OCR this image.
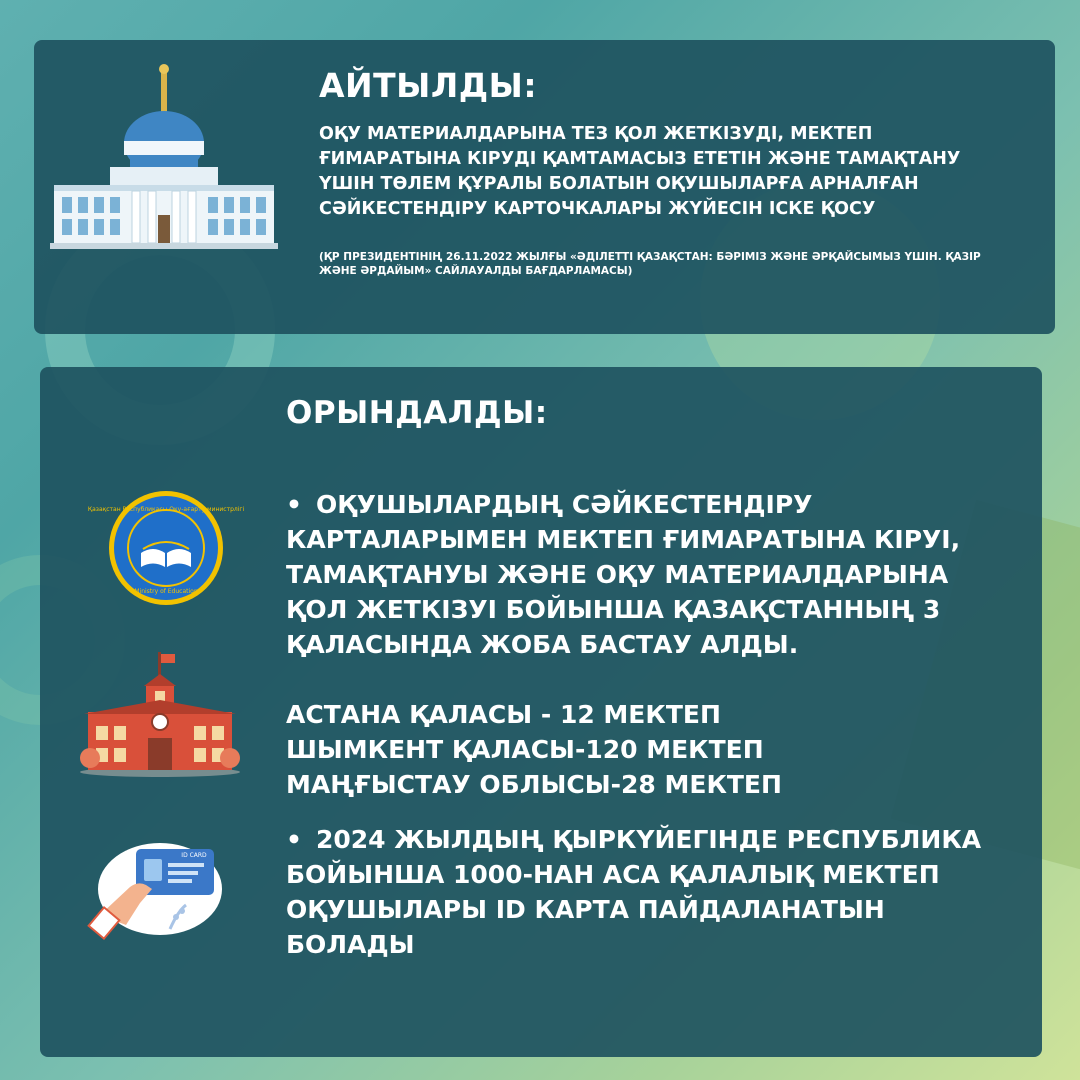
АЙТЫЛДЫ:
ОҚУ МАТЕРИАЛДАРЫНА ТЕЗ ҚОЛ ЖЕТКІЗУДІ, МЕКТЕП ҒИМАРАТЫНА КІРУДІ ҚАМТАМАСЫЗ ЕТЕТІН ЖӘНЕ ТАМАҚТАНУ ҮШІН ТӨЛЕМ ҚҰРАЛЫ БОЛАТЫН ОҚУШЫЛАРҒА АРНАЛҒАН СӘЙКЕСТЕНДІРУ КАРТОЧКАЛАРЫ ЖҮЙЕСІН ІСКЕ ҚОСУ
(ҚР ПРЕЗИДЕНТІНІҢ 26.11.2022 ЖЫЛҒЫ «ӘДІЛЕТТІ ҚАЗАҚСТАН: БӘРІМІЗ ЖӘНЕ ӘРҚАЙСЫМЫЗ ҮШІН. ҚАЗІР ЖӘНЕ ӘРДАЙЫМ» САЙЛАУАЛДЫ БАҒДАРЛАМАСЫ)
ОРЫНДАЛДЫ:
Қазақстан Республикасы Оқу-ағарту министрлігі
Ministry of Education
• ОҚУШЫЛАРДЫҢ СӘЙКЕСТЕНДІРУ КАРТАЛАРЫМЕН МЕКТЕП ҒИМАРАТЫНА КІРУІ, ТАМАҚТАНУЫ ЖӘНЕ ОҚУ МАТЕРИАЛДАРЫНА ҚОЛ ЖЕТКІЗУІ БОЙЫНША ҚАЗАҚСТАННЫҢ 3 ҚАЛАСЫНДА ЖОБА БАСТАУ АЛДЫ.
АСТАНА ҚАЛАСЫ - 12 МЕКТЕП
ШЫМКЕНТ ҚАЛАСЫ-120 МЕКТЕП
МАҢҒЫСТАУ ОБЛЫСЫ-28 МЕКТЕП
ID CARD
• 2024 ЖЫЛДЫҢ ҚЫРКҮЙЕГІНДЕ РЕСПУБЛИКА БОЙЫНША 1000-НАН АСА ҚАЛАЛЫҚ МЕКТЕП ОҚУШЫЛАРЫ ID КАРТА ПАЙДАЛАНАТЫН БОЛАДЫ
